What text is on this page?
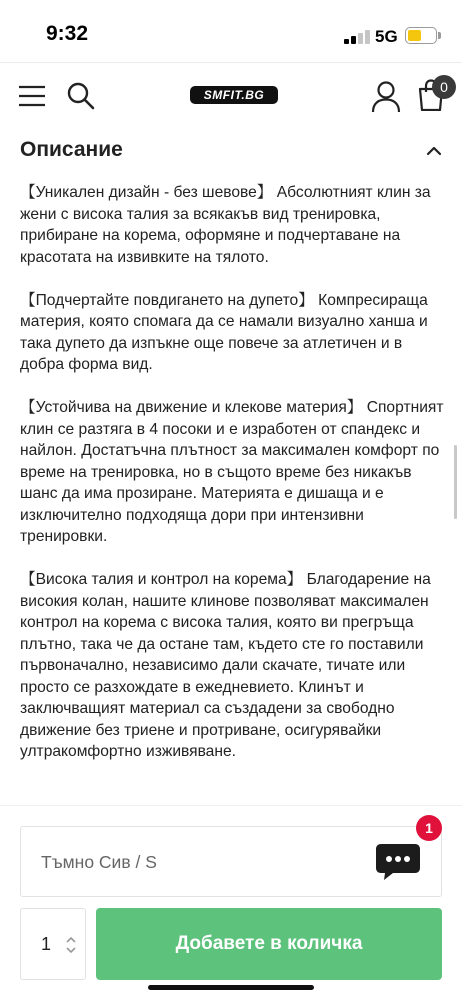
9:32	5G
SMFIT.BG	0
Описание

【Уникален дизайн - без шевове】 Абсолютният клин за жени с висока талия за всякакъв вид тренировка, прибиране на корема, оформяне и подчертаване на красотата на извивките на тялото.

【Подчертайте повдигането на дупето】 Компресираща материя, която спомага да се намали визуално ханша и така дупето да изпъкне още повече за атлетичен и в добра форма вид.

【Устойчива на движение и клекове материя】 Спортният клин се разтяга в 4 посоки и е изработен от спандекс и найлон. Достатъчна плътност за максимален комфорт по време на тренировка, но в същото време без никакъв шанс да има прозиране. Материята е дишаща и е изключително подходяща дори при интензивни тренировки.

【Висока талия и контрол на корема】 Благодарение на високия колан, нашите клинове позволяват максимален контрол на корема с висока талия, която ви прегръща плътно, така че да остане там, където сте го поставили първоначално, независимо дали скачате, тичате или просто се разхождате в ежедневието. Клинът и заключващият материал са създадени за свободно движение без триене и протриване, осигурявайки ултракомфортно изживяване.

Тъмно Сив / S
1
1	Добавете в количка
